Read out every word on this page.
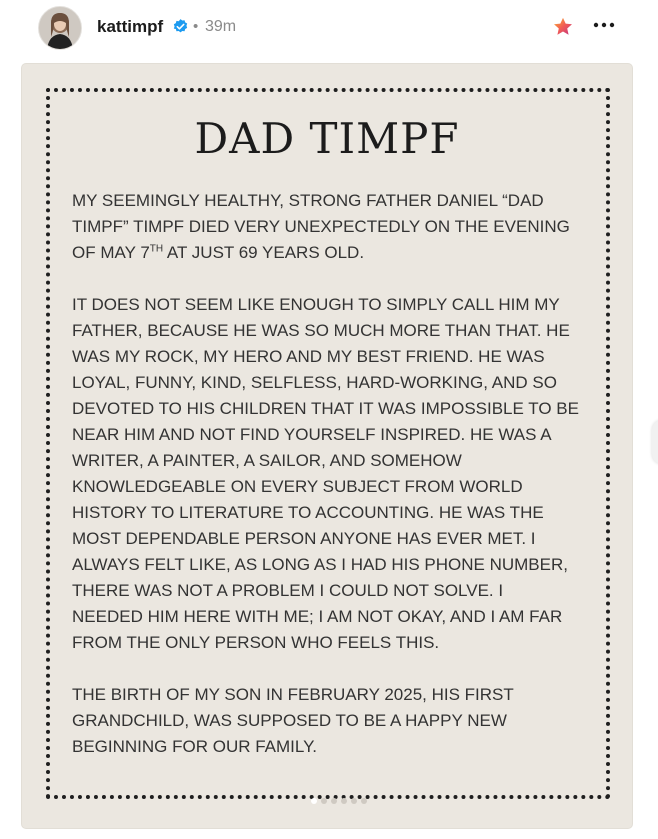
kattimpf • 39m
DAD TIMPF

MY SEEMINGLY HEALTHY, STRONG FATHER DANIEL “DAD
TIMPF” TIMPF DIED VERY UNEXPECTEDLY ON THE EVENING
OF MAY 7TH AT JUST 69 YEARS OLD.

IT DOES NOT SEEM LIKE ENOUGH TO SIMPLY CALL HIM MY
FATHER, BECAUSE HE WAS SO MUCH MORE THAN THAT. HE
WAS MY ROCK, MY HERO AND MY BEST FRIEND. HE WAS
LOYAL, FUNNY, KIND, SELFLESS, HARD-WORKING, AND SO
DEVOTED TO HIS CHILDREN THAT IT WAS IMPOSSIBLE TO BE
NEAR HIM AND NOT FIND YOURSELF INSPIRED. HE WAS A
WRITER, A PAINTER, A SAILOR, AND SOMEHOW
KNOWLEDGEABLE ON EVERY SUBJECT FROM WORLD
HISTORY TO LITERATURE TO ACCOUNTING. HE WAS THE
MOST DEPENDABLE PERSON ANYONE HAS EVER MET. I
ALWAYS FELT LIKE, AS LONG AS I HAD HIS PHONE NUMBER,
THERE WAS NOT A PROBLEM I COULD NOT SOLVE. I
NEEDED HIM HERE WITH ME; I AM NOT OKAY, AND I AM FAR
FROM THE ONLY PERSON WHO FEELS THIS.

THE BIRTH OF MY SON IN FEBRUARY 2025, HIS FIRST
GRANDCHILD, WAS SUPPOSED TO BE A HAPPY NEW
BEGINNING FOR OUR FAMILY.
